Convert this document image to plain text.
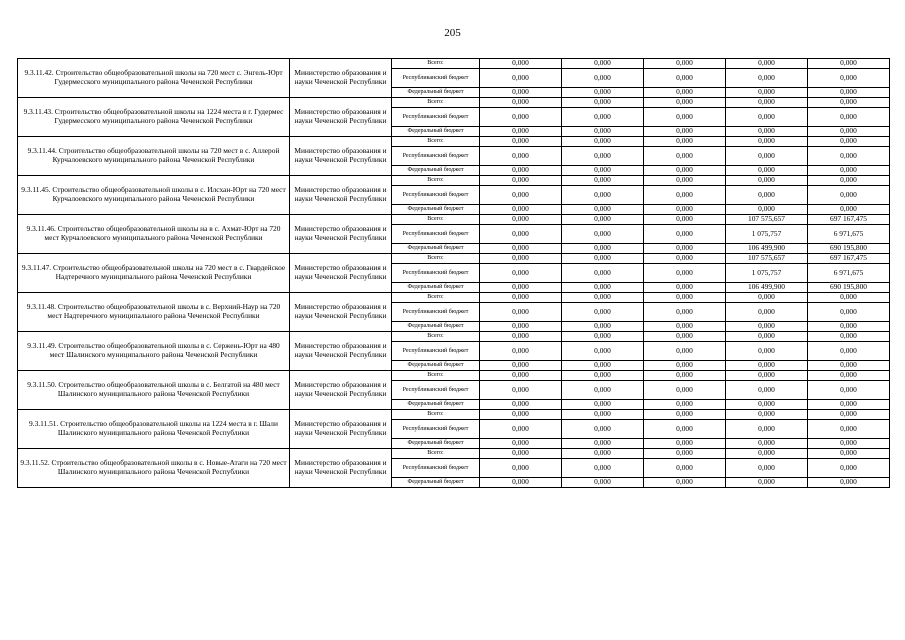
205
9.3.11.42. Строительство общеобразовательной школы на 720 мест с. Энгель-Юрт Гудермесского муниципального района Чеченской Республики	Министерство образования и науки Чеченской Республики	Всего:	0,000	0,000	0,000	0,000	0,000
		Республиканский бюджет	0,000	0,000	0,000	0,000	0,000
		Федеральный бюджет	0,000	0,000	0,000	0,000	0,000
9.3.11.43. Строительство общеобразовательной школы на 1224 места в г. Гудермес Гудермесского муниципального района Чеченской Республики	Министерство образования и науки Чеченской Республики	Всего:	0,000	0,000	0,000	0,000	0,000
		Республиканский бюджет	0,000	0,000	0,000	0,000	0,000
		Федеральный бюджет	0,000	0,000	0,000	0,000	0,000
9.3.11.44. Строительство общеобразовательной школы на 720 мест в с. Аллерой Курчалоевского муниципального района Чеченской Республики	Министерство образования и науки Чеченской Республики	Всего:	0,000	0,000	0,000	0,000	0,000
		Республиканский бюджет	0,000	0,000	0,000	0,000	0,000
		Федеральный бюджет	0,000	0,000	0,000	0,000	0,000
9.3.11.45. Строительство общеобразовательной школы в с. Илсхан-Юрт на 720 мест Курчалоевского муниципального района Чеченской Республики	Министерство образования и науки Чеченской Республики	Всего:	0,000	0,000	0,000	0,000	0,000
		Республиканский бюджет	0,000	0,000	0,000	0,000	0,000
		Федеральный бюджет	0,000	0,000	0,000	0,000	0,000
9.3.11.46. Строительство общеобразовательной школы на в с. Ахмат-Юрт на 720 мест Курчалоевского муниципального района Чеченской Республики	Министерство образования и науки Чеченской Республики	Всего:	0,000	0,000	0,000	107 575,657	697 167,475
		Республиканский бюджет	0,000	0,000	0,000	1 075,757	6 971,675
		Федеральный бюджет	0,000	0,000	0,000	106 499,900	690 195,800
9.3.11.47. Строительство общеобразовательной школы на 720 мест в с. Гвардейское Надтеречного муниципального района Чеченской Республики	Министерство образования и науки Чеченской Республики	Всего:	0,000	0,000	0,000	107 575,657	697 167,475
		Республиканский бюджет	0,000	0,000	0,000	1 075,757	6 971,675
		Федеральный бюджет	0,000	0,000	0,000	106 499,900	690 195,800
9.3.11.48. Строительство общеобразовательной школы в с. Верхний-Наур на 720 мест Надтеречного муниципального района Чеченской Республики	Министерство образования и науки Чеченской Республики	Всего:	0,000	0,000	0,000	0,000	0,000
		Республиканский бюджет	0,000	0,000	0,000	0,000	0,000
		Федеральный бюджет	0,000	0,000	0,000	0,000	0,000
9.3.11.49. Строительство общеобразовательной школы в с. Сержень-Юрт на 480 мест Шалинского муниципального района Чеченской Республики	Министерство образования и науки Чеченской Республики	Всего:	0,000	0,000	0,000	0,000	0,000
		Республиканский бюджет	0,000	0,000	0,000	0,000	0,000
		Федеральный бюджет	0,000	0,000	0,000	0,000	0,000
9.3.11.50. Строительство общеобразовательной школы в с. Белгатой на 480 мест Шалинского муниципального района Чеченской Республики	Министерство образования и науки Чеченской Республики	Всего:	0,000	0,000	0,000	0,000	0,000
		Республиканский бюджет	0,000	0,000	0,000	0,000	0,000
		Федеральный бюджет	0,000	0,000	0,000	0,000	0,000
9.3.11.51. Строительство общеобразовательной школы на 1224 места в г. Шали Шалинского муниципального района Чеченской Республики	Министерство образования и науки Чеченской Республики	Всего:	0,000	0,000	0,000	0,000	0,000
		Республиканский бюджет	0,000	0,000	0,000	0,000	0,000
		Федеральный бюджет	0,000	0,000	0,000	0,000	0,000
9.3.11.52. Строительство общеобразовательной школы в с. Новые-Атаги на 720 мест Шалинского муниципального района Чеченской Республики	Министерство образования и науки Чеченской Республики	Всего:	0,000	0,000	0,000	0,000	0,000
		Республиканский бюджет	0,000	0,000	0,000	0,000	0,000
		Федеральный бюджет	0,000	0,000	0,000	0,000	0,000
